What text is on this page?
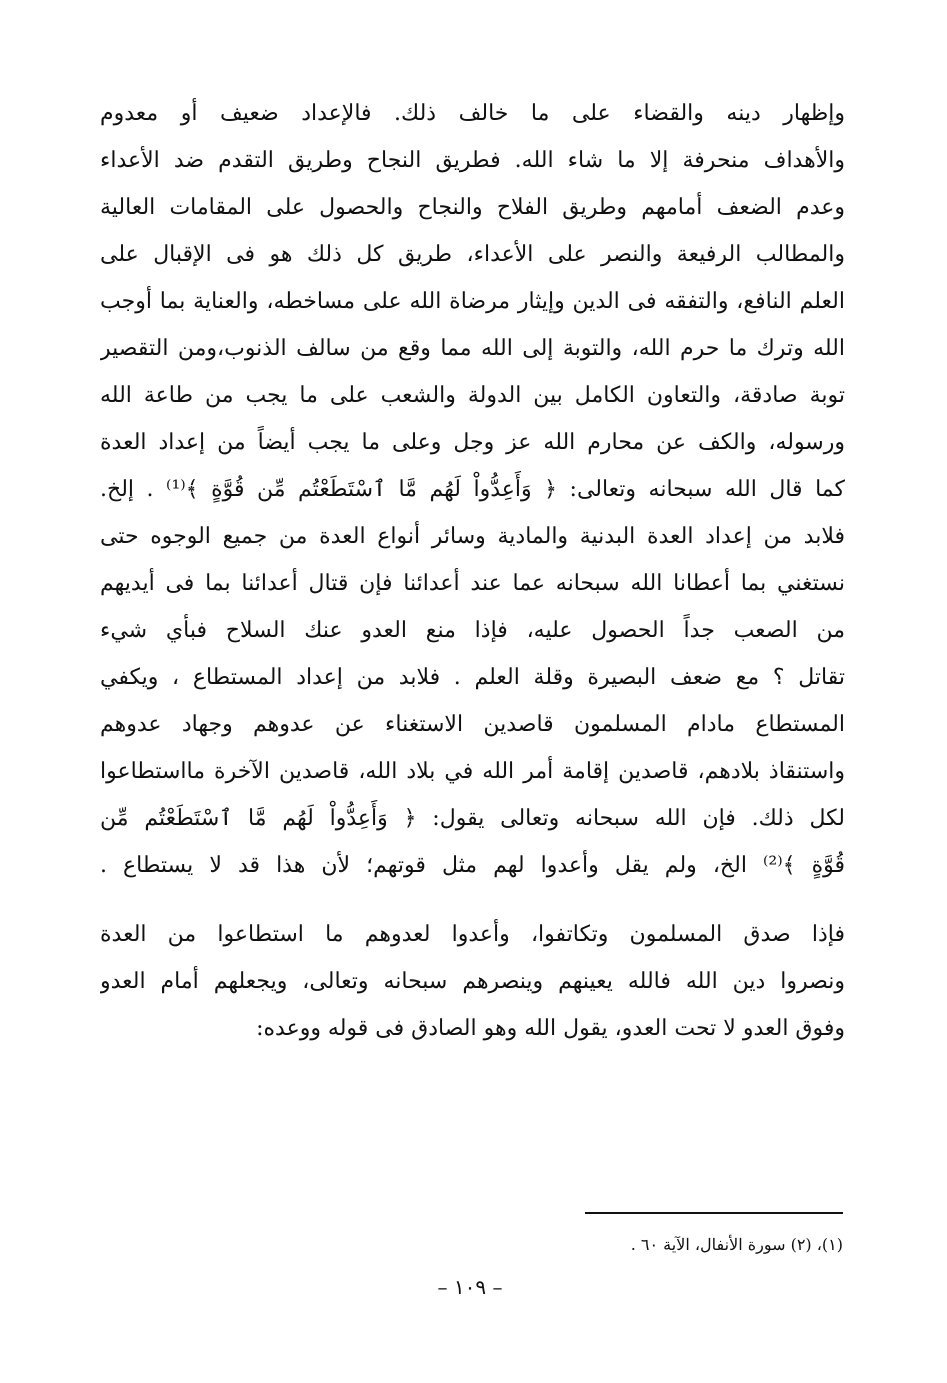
وإظهار دينه والقضاء على ما خالف ذلك. فالإعداد ضعيف أو معدوم
والأهداف منحرفة إلا ما شاء الله. فطريق النجاح وطريق التقدم ضد الأعداء
وعدم الضعف أمامهم وطريق الفلاح والنجاح والحصول على المقامات العالية
والمطالب الرفيعة والنصر على الأعداء، طريق كل ذلك هو فى الإقبال على
العلم النافع، والتفقه فى الدين وإيثار مرضاة الله على مساخطه، والعناية بما أوجب
الله وترك ما حرم الله، والتوبة إلى الله مما وقع من سالف الذنوب،ومن التقصير
توبة صادقة، والتعاون الكامل بين الدولة والشعب على ما يجب من طاعة الله
ورسوله، والكف عن محارم الله عز وجل وعلى ما يجب أيضاً من إعداد العدة
كما قال الله سبحانه وتعالى: ﴿ وَأَعِدُّواْ لَهُم مَّا ٱسْتَطَعْتُم مِّن قُوَّةٍ ﴾⁽¹⁾ . إلخ.
فلابد من إعداد العدة البدنية والمادية وسائر أنواع العدة من جميع الوجوه حتى
نستغني بما أعطانا الله سبحانه عما عند أعدائنا فإن قتال أعدائنا بما فى أيديهم
من الصعب جداً الحصول عليه، فإذا منع العدو عنك السلاح فبأي شيء
تقاتل ؟ مع ضعف البصيرة وقلة العلم . فلابد من إعداد المستطاع ، ويكفي
المستطاع مادام المسلمون قاصدين الاستغناء عن عدوهم وجهاد عدوهم
واستنقاذ بلادهم، قاصدين إقامة أمر الله في بلاد الله، قاصدين الآخرة مااستطاعوا
لكل ذلك. فإن الله سبحانه وتعالى يقول: ﴿ وَأَعِدُّواْ لَهُم مَّا ٱسْتَطَعْتُم مِّن
قُوَّةٍ ﴾⁽²⁾ الخ، ولم يقل وأعدوا لهم مثل قوتهم؛ لأن هذا قد لا يستطاع .
فإذا صدق المسلمون وتكاتفوا، وأعدوا لعدوهم ما استطاعوا من العدة
ونصروا دين الله فالله يعينهم وينصرهم سبحانه وتعالى، ويجعلهم أمام العدو
وفوق العدو لا تحت العدو، يقول الله وهو الصادق فى قوله ووعده:
(١)، (٢) سورة الأنفال، الآية ٦٠ .
– ١٠٩ –
